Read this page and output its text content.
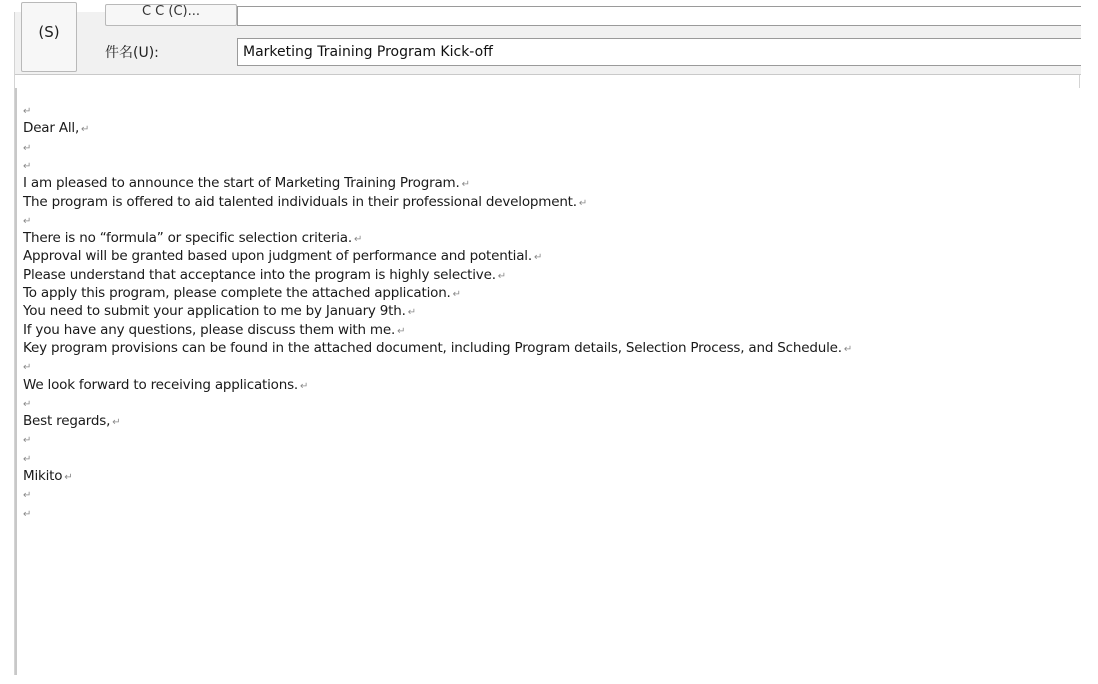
(S)
C C (C)...
件名(U):	Marketing Training Program Kick-off
↵
Dear All, ↵
↵
↵
I am pleased to announce the start of Marketing Training Program. ↵
The program is offered to aid talented individuals in their professional development. ↵
↵
There is no “formula” or specific selection criteria. ↵
Approval will be granted based upon judgment of performance and potential. ↵
Please understand that acceptance into the program is highly selective. ↵
To apply this program, please complete the attached application. ↵
You need to submit your application to me by January 9th. ↵
If you have any questions, please discuss them with me. ↵
Key program provisions can be found in the attached document, including Program details, Selection Process, and Schedule. ↵
↵
We look forward to receiving applications. ↵
↵
Best regards, ↵
↵
↵
Mikito ↵
↵
↵
